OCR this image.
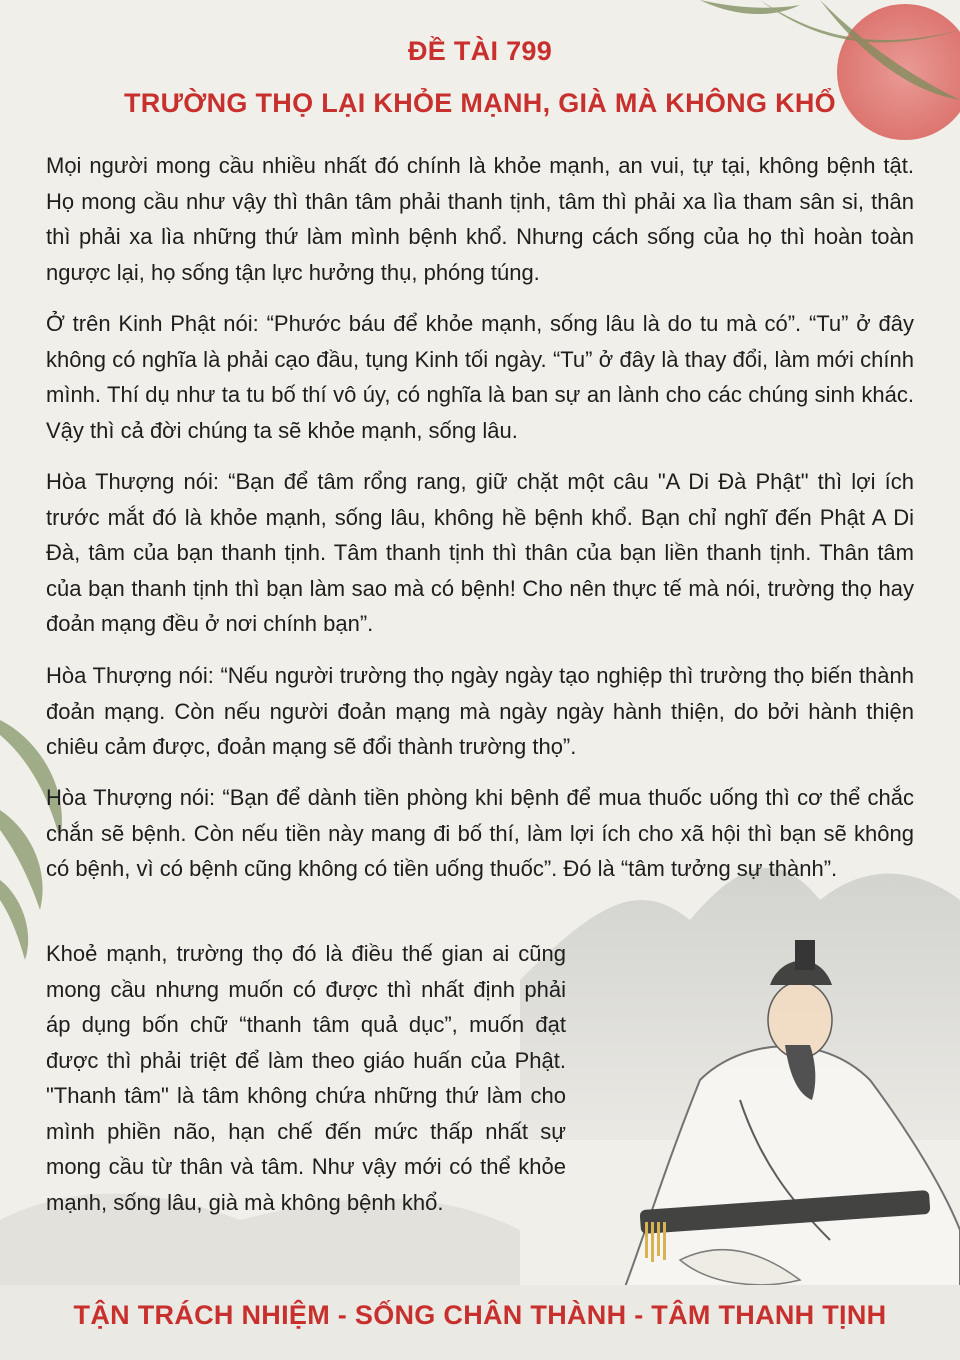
ĐỀ TÀI 799
TRƯỜNG THỌ LẠI KHỎE MẠNH, GIÀ MÀ KHÔNG KHỔ

Mọi người mong cầu nhiều nhất đó chính là khỏe mạnh, an vui, tự tại, không bệnh tật. Họ mong cầu như vậy thì thân tâm phải thanh tịnh, tâm thì phải xa lìa tham sân si, thân thì phải xa lìa những thứ làm mình bệnh khổ. Nhưng cách sống của họ thì hoàn toàn ngược lại, họ sống tận lực hưởng thụ, phóng túng.

Ở trên Kinh Phật nói: “Phước báu để khỏe mạnh, sống lâu là do tu mà có”. “Tu” ở đây không có nghĩa là phải cạo đầu, tụng Kinh tối ngày. “Tu” ở đây là thay đổi, làm mới chính mình. Thí dụ như ta tu bố thí vô úy, có nghĩa là ban sự an lành cho các chúng sinh khác. Vậy thì cả đời chúng ta sẽ khỏe mạnh, sống lâu.

Hòa Thượng nói: “Bạn để tâm rổng rang, giữ chặt một câu "A Di Đà Phật" thì lợi ích trước mắt đó là khỏe mạnh, sống lâu, không hề bệnh khổ. Bạn chỉ nghĩ đến Phật A Di Đà, tâm của bạn thanh tịnh. Tâm thanh tịnh thì thân của bạn liền thanh tịnh. Thân tâm của bạn thanh tịnh thì bạn làm sao mà có bệnh! Cho nên thực tế mà nói, trường thọ hay đoản mạng đều ở nơi chính bạn”.

Hòa Thượng nói: “Nếu người trường thọ ngày ngày tạo nghiệp thì trường thọ biến thành đoản mạng. Còn nếu người đoản mạng mà ngày ngày hành thiện, do bởi hành thiện chiêu cảm được, đoản mạng sẽ đổi thành trường thọ”.

Hòa Thượng nói: “Bạn để dành tiền phòng khi bệnh để mua thuốc uống thì cơ thể chắc chắn sẽ bệnh. Còn nếu tiền này mang đi bố thí, làm lợi ích cho xã hội thì bạn sẽ không có bệnh, vì có bệnh cũng không có tiền uống thuốc”. Đó là “tâm tưởng sự thành”.

Khoẻ mạnh, trường thọ đó là điều thế gian ai cũng mong cầu nhưng muốn có được thì nhất định phải áp dụng bốn chữ “thanh tâm quả dục”, muốn đạt được thì phải triệt để làm theo giáo huấn của Phật. "Thanh tâm" là tâm không chứa những thứ làm cho mình phiền não, hạn chế đến mức thấp nhất sự mong cầu từ thân và tâm. Như vậy mới có thể khỏe mạnh, sống lâu, già mà không bệnh khổ.

TẬN TRÁCH NHIỆM - SỐNG CHÂN THÀNH - TÂM THANH TỊNH
